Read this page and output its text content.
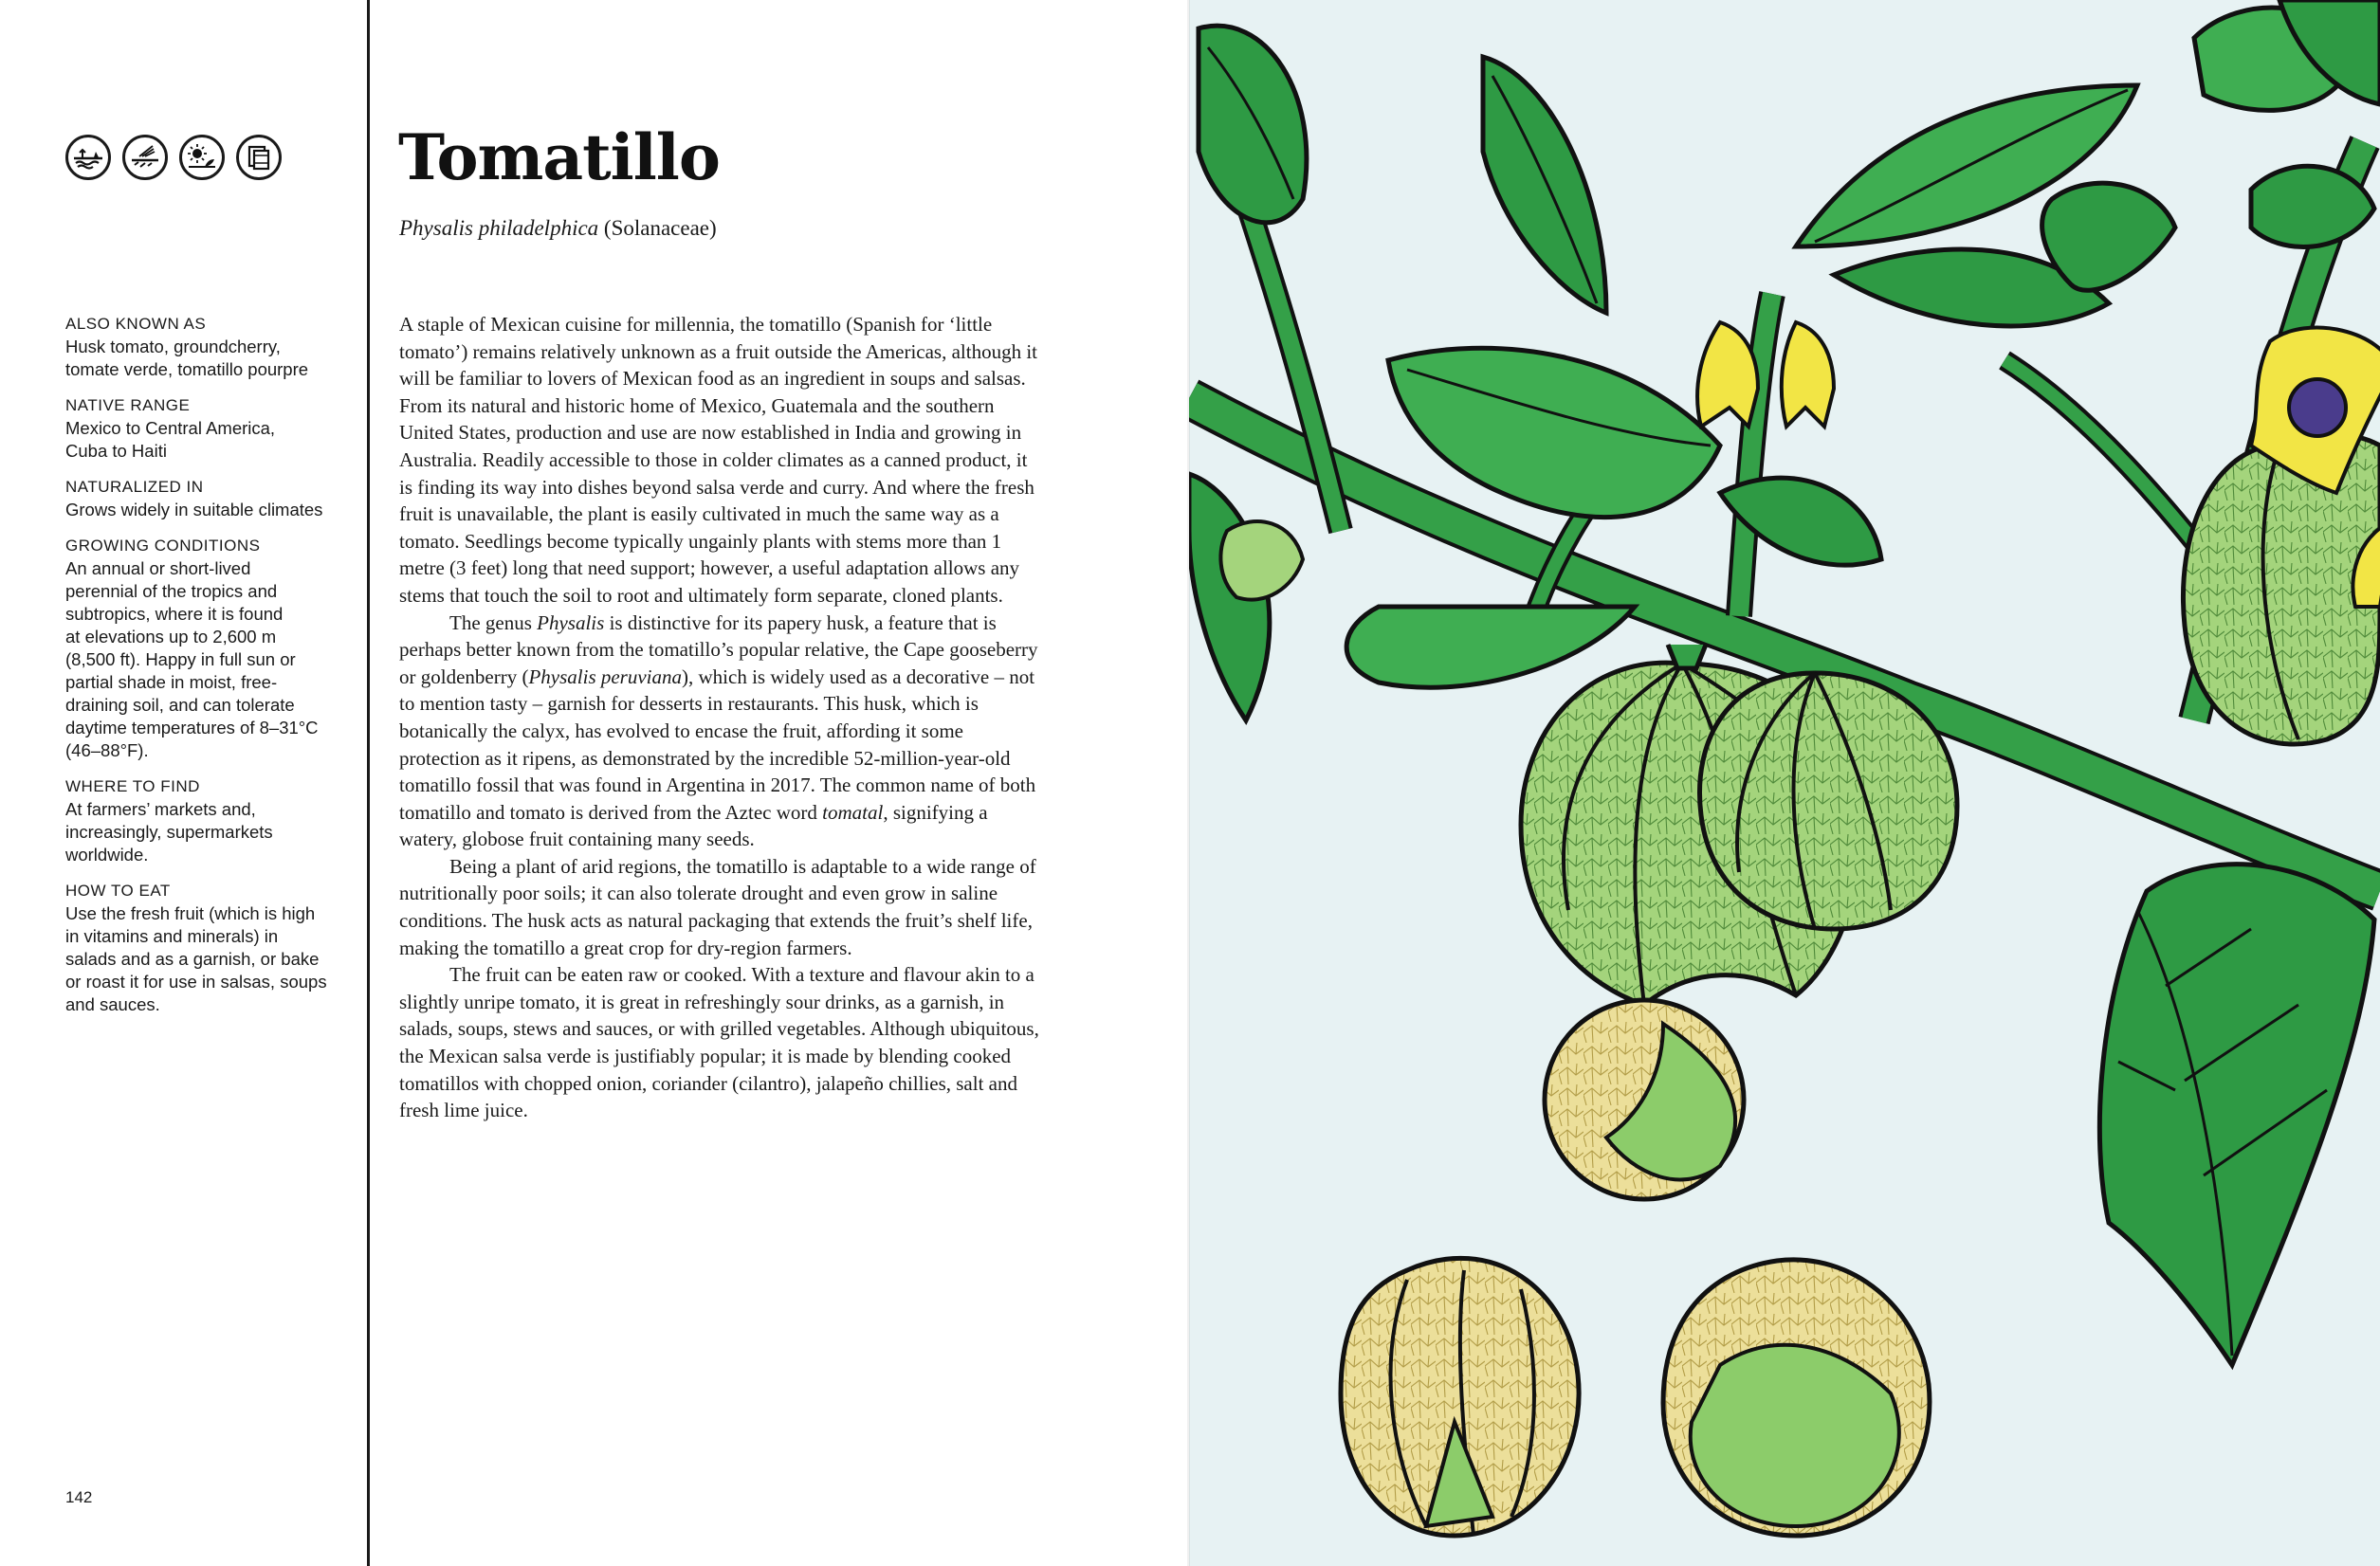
ALSO KNOWN AS
Husk tomato, groundcherry,
tomate verde, tomatillo pourpre
NATIVE RANGE
Mexico to Central America,
Cuba to Haiti
NATURALIZED IN
Grows widely in suitable climates
GROWING CONDITIONS
An annual or short-lived
perennial of the tropics and
subtropics, where it is found
at elevations up to 2,600 m
(8,500 ft). Happy in full sun or
partial shade in moist, free-
draining soil, and can tolerate
daytime temperatures of 8–31°C
(46–88°F).
WHERE TO FIND
At farmers’ markets and,
increasingly, supermarkets
worldwide.
HOW TO EAT
Use the fresh fruit (which is high
in vitamins and minerals) in
salads and as a garnish, or bake
or roast it for use in salsas, soups
and sauces.
142
Tomatillo
Physalis philadelphica (Solanaceae)

A staple of Mexican cuisine for millennia, the tomatillo (Spanish for ‘little tomato’) remains relatively unknown as a fruit outside the Americas, although it will be familiar to lovers of Mexican food as an ingredient in soups and salsas. From its natural and historic home of Mexico, Guatemala and the southern United States, production and use are now established in India and growing in Australia. Readily accessible to those in colder climates as a canned product, it is finding its way into dishes beyond salsa verde and curry. And where the fresh fruit is unavailable, the plant is easily cultivated in much the same way as a tomato. Seedlings become typically ungainly plants with stems more than 1 metre (3 feet) long that need support; however, a useful adaptation allows any stems that touch the soil to root and ultimately form separate, cloned plants.

The genus Physalis is distinctive for its papery husk, a feature that is perhaps better known from the tomatillo’s popular relative, the Cape gooseberry or goldenberry (Physalis peruviana), which is widely used as a decorative – not to mention tasty – garnish for desserts in restaurants. This husk, which is botanically the calyx, has evolved to encase the fruit, affording it some protection as it ripens, as demonstrated by the incredible 52-million-year-old tomatillo fossil that was found in Argentina in 2017. The common name of both tomatillo and tomato is derived from the Aztec word tomatal, signifying a watery, globose fruit containing many seeds.

Being a plant of arid regions, the tomatillo is adaptable to a wide range of nutritionally poor soils; it can also tolerate drought and even grow in saline conditions. The husk acts as natural packaging that extends the fruit’s shelf life, making the tomatillo a great crop for dry-region farmers.

The fruit can be eaten raw or cooked. With a texture and flavour akin to a slightly unripe tomato, it is great in refreshingly sour drinks, as a garnish, in salads, soups, stews and sauces, or with grilled vegetables. Although ubiquitous, the Mexican salsa verde is justifiably popular; it is made by blending cooked tomatillos with chopped onion, coriander (cilantro), jalapeño chillies, salt and fresh lime juice.
